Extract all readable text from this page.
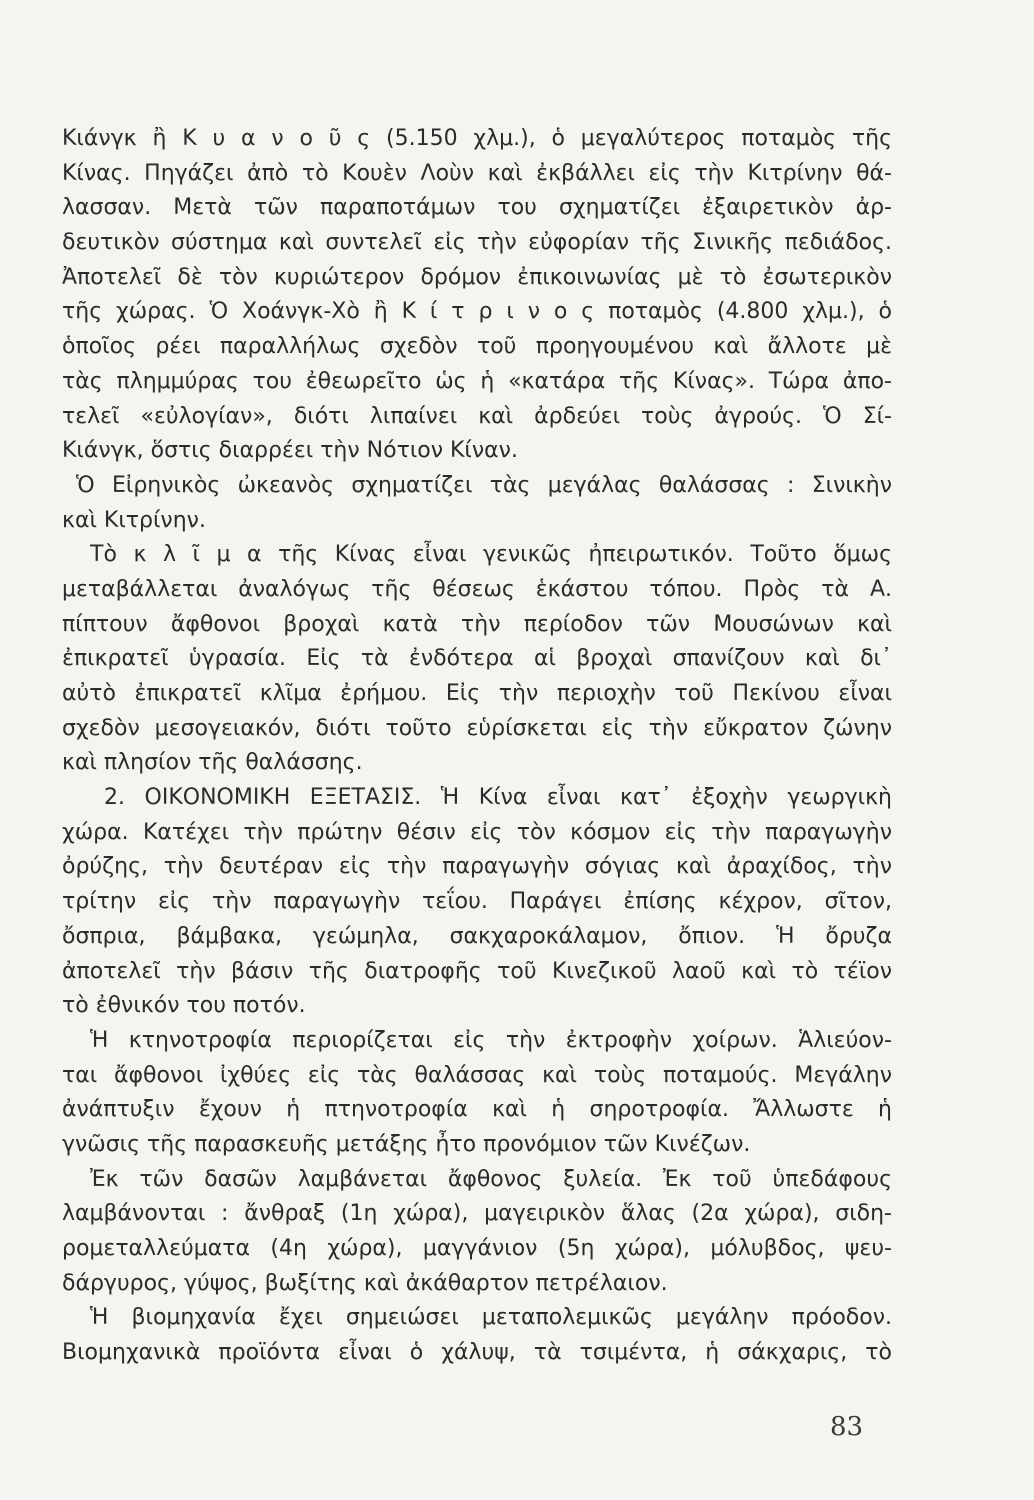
Κιάνγκ ἢ Κ υ α ν ο ῦ ς (5.150 χλμ.), ὁ μεγαλύτερος ποταμὸς τῆς
Κίνας. Πηγάζει ἀπὸ τὸ Κουὲν Λοὺν καὶ ἐκβάλλει εἰς τὴν Κιτρίνην θά-
λασσαν. Μετὰ τῶν παραποτάμων του σχηματίζει ἐξαιρετικὸν ἀρ-
δευτικὸν σύστημα καὶ συντελεῖ εἰς τὴν εὐφορίαν τῆς Σινικῆς πεδιάδος.
Ἀποτελεῖ δὲ τὸν κυριώτερον δρόμον ἐπικοινωνίας μὲ τὸ ἐσωτερικὸν
τῆς χώρας. Ὁ Χοάνγκ-Χὸ ἢ Κ ί τ ρ ι ν ο ς ποταμὸς (4.800 χλμ.), ὁ
ὁποῖος ρέει παραλλήλως σχεδὸν τοῦ προηγουμένου καὶ ἄλλοτε μὲ
τὰς πλημμύρας του ἐθεωρεῖτο ὡς ἡ «κατάρα τῆς Κίνας». Τώρα ἀπο-
τελεῖ «εὐλογίαν», διότι λιπαίνει καὶ ἀρδεύει τοὺς ἀγρούς. Ὁ Σί-
Κιάνγκ, ὅστις διαρρέει τὴν Νότιον Κίναν.
Ὁ Εἰρηνικὸς ὠκεανὸς σχηματίζει τὰς μεγάλας θαλάσσας : Σινικὴν
καὶ Κιτρίνην.
Τὸ κ λ ῖ μ α τῆς Κίνας εἶναι γενικῶς ἠπειρωτικόν. Τοῦτο ὅμως
μεταβάλλεται ἀναλόγως τῆς θέσεως ἑκάστου τόπου. Πρὸς τὰ Α.
πίπτουν ἄφθονοι βροχαὶ κατὰ τὴν περίοδον τῶν Μουσώνων καὶ
ἐπικρατεῖ ὑγρασία. Εἰς τὰ ἐνδότερα αἱ βροχαὶ σπανίζουν καὶ δι᾽
αὐτὸ ἐπικρατεῖ κλῖμα ἐρήμου. Εἰς τὴν περιοχὴν τοῦ Πεκίνου εἶναι
σχεδὸν μεσογειακόν, διότι τοῦτο εὑρίσκεται εἰς τὴν εὔκρατον ζώνην
καὶ πλησίον τῆς θαλάσσης.
2. ΟΙΚΟΝΟΜΙΚΗ ΕΞΕΤΑΣΙΣ. Ἡ Κίνα εἶναι κατ᾽ ἐξοχὴν γεωργικὴ
χώρα. Κατέχει τὴν πρώτην θέσιν εἰς τὸν κόσμον εἰς τὴν παραγωγὴν
ὀρύζης, τὴν δευτέραν εἰς τὴν παραγωγὴν σόγιας καὶ ἀραχίδος, τὴν
τρίτην εἰς τὴν παραγωγὴν τεΐου. Παράγει ἐπίσης κέχρον, σῖτον,
ὄσπρια, βάμβακα, γεώμηλα, σακχαροκάλαμον, ὄπιον. Ἡ ὄρυζα
ἀποτελεῖ τὴν βάσιν τῆς διατροφῆς τοῦ Κινεζικοῦ λαοῦ καὶ τὸ τέϊον
τὸ ἐθνικόν του ποτόν.
Ἡ κτηνοτροφία περιορίζεται εἰς τὴν ἐκτροφὴν χοίρων. Ἁλιεύον-
ται ἄφθονοι ἰχθύες εἰς τὰς θαλάσσας καὶ τοὺς ποταμούς. Μεγάλην
ἀνάπτυξιν ἔχουν ἡ πτηνοτροφία καὶ ἡ σηροτροφία. Ἄλλωστε ἡ
γνῶσις τῆς παρασκευῆς μετάξης ἦτο προνόμιον τῶν Κινέζων.
Ἐκ τῶν δασῶν λαμβάνεται ἄφθονος ξυλεία. Ἐκ τοῦ ὑπεδάφους
λαμβάνονται : ἄνθραξ (1η χώρα), μαγειρικὸν ἅλας (2α χώρα), σιδη-
ρομεταλλεύματα (4η χώρα), μαγγάνιον (5η χώρα), μόλυβδος, ψευ-
δάργυρος, γύψος, βωξίτης καὶ ἀκάθαρτον πετρέλαιον.
Ἡ βιομηχανία ἔχει σημειώσει μεταπολεμικῶς μεγάλην πρόοδον.
Βιομηχανικὰ προϊόντα εἶναι ὁ χάλυψ, τὰ τσιμέντα, ἡ σάκχαρις, τὸ
83
